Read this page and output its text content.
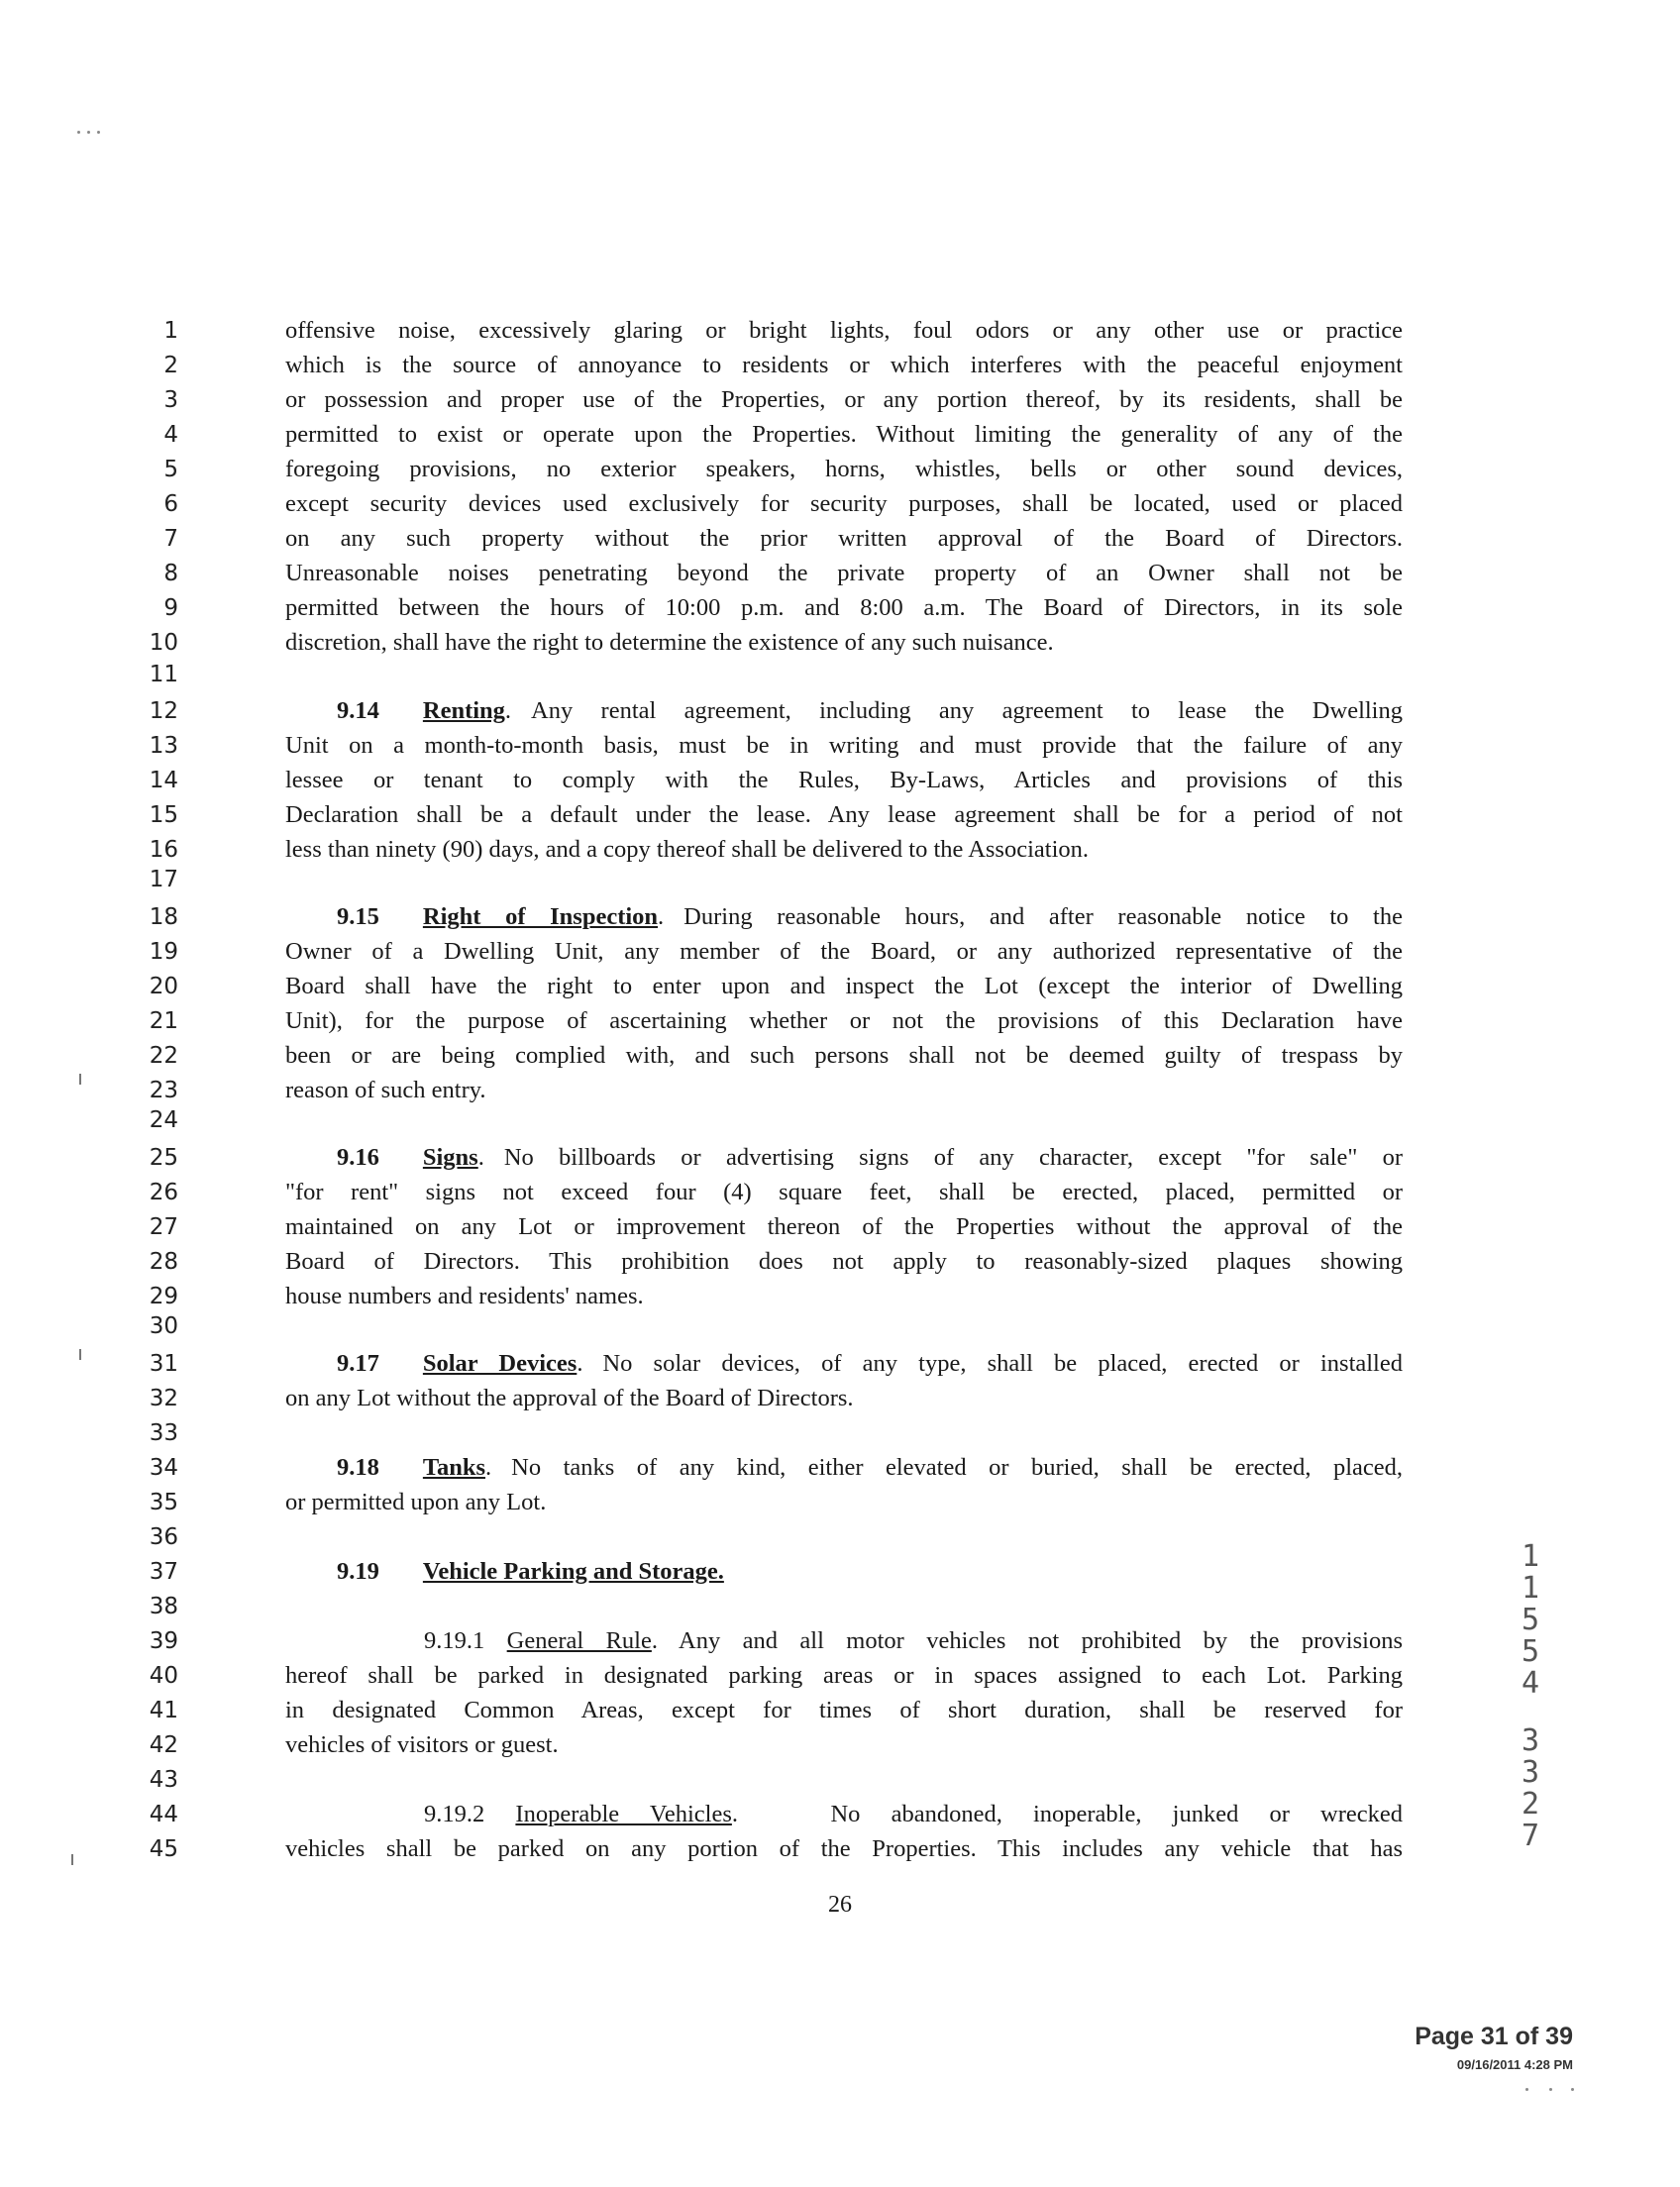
1
2
3
4
5
6
7
8
9
10
11
12
13
14
15
16
17
18
19
20
21
22
23
24
25
26
27
28
29
30
31
32
33
34
35
36
37
38
39
40
41
42
43
44
45
offensive noise, excessively glaring or bright lights, foul odors or any other use or practice
which is the source of annoyance to residents or which interferes with the peaceful enjoyment
or possession and proper use of the Properties, or any portion thereof, by its residents, shall be
permitted to exist or operate upon the Properties. Without limiting the generality of any of the
foregoing provisions, no exterior speakers, horns, whistles, bells or other sound devices,
except security devices used exclusively for security purposes, shall be located, used or placed
on any such property without the prior written approval of the Board of Directors.
Unreasonable noises penetrating beyond the private property of an Owner shall not be
permitted between the hours of 10:00 p.m. and 8:00 a.m. The Board of Directors, in its sole
discretion, shall have the right to determine the existence of any such nuisance.
9.14 Renting. Any rental agreement, including any agreement to lease the Dwelling
Unit on a month-to-month basis, must be in writing and must provide that the failure of any
lessee or tenant to comply with the Rules, By-Laws, Articles and provisions of this
Declaration shall be a default under the lease. Any lease agreement shall be for a period of not
less than ninety (90) days, and a copy thereof shall be delivered to the Association.
9.15 Right of Inspection. During reasonable hours, and after reasonable notice to the
Owner of a Dwelling Unit, any member of the Board, or any authorized representative of the
Board shall have the right to enter upon and inspect the Lot (except the interior of Dwelling
Unit), for the purpose of ascertaining whether or not the provisions of this Declaration have
been or are being complied with, and such persons shall not be deemed guilty of trespass by
reason of such entry.
9.16 Signs. No billboards or advertising signs of any character, except "for sale" or
"for rent" signs not exceed four (4) square feet, shall be erected, placed, permitted or
maintained on any Lot or improvement thereon of the Properties without the approval of the
Board of Directors. This prohibition does not apply to reasonably-sized plaques showing
house numbers and residents' names.
9.17 Solar Devices. No solar devices, of any type, shall be placed, erected or installed
on any Lot without the approval of the Board of Directors.
9.18 Tanks. No tanks of any kind, either elevated or buried, shall be erected, placed,
or permitted upon any Lot.
9.19 Vehicle Parking and Storage.
9.19.1 General Rule. Any and all motor vehicles not prohibited by the provisions
hereof shall be parked in designated parking areas or in spaces assigned to each Lot. Parking
in designated Common Areas, except for times of short duration, shall be reserved for
vehicles of visitors or guest.
9.19.2 Inoperable Vehicles.   No abandoned, inoperable, junked or wrecked
vehicles shall be parked on any portion of the Properties. This includes any vehicle that has
26
1
1
5
5
4
3
3
2
7
Page 31 of 39
09/16/2011 4:28 PM
